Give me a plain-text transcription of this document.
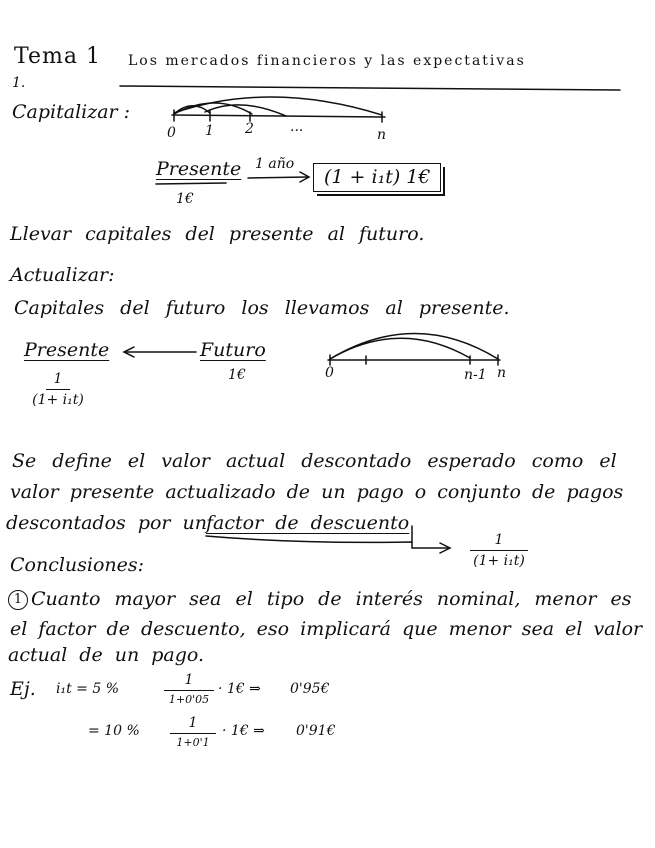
Tema 1 Los mercados financieros y las expectativas
1.
Capitalizar :
0 1 2	...	n
Presente
1€
1 año
(1 + i₁t) 1€
Llevar capitales del presente al futuro.
Actualizar:
Capitales del futuro los llevamos al presente.
Presente
1
(1+ i₁t)
Futuro
1€	0	n-1 n
Se define el valor actual descontado esperado como el
valor presente actualizado de un pago o conjunto de pagos
descontados por un
factor de descuento
1
(1+ i₁t)
Conclusiones:
1 Cuanto mayor sea el tipo de interés nominal, menor es
el factor de descuento, eso implicará que menor sea el valor
actual de un pago.
Ej. i₁t = 5 %
1
1+0'05
· 1€ ⇒ 0'95€
= 10 %	1
1+0'1
· 1€ ⇒ 0'91€
